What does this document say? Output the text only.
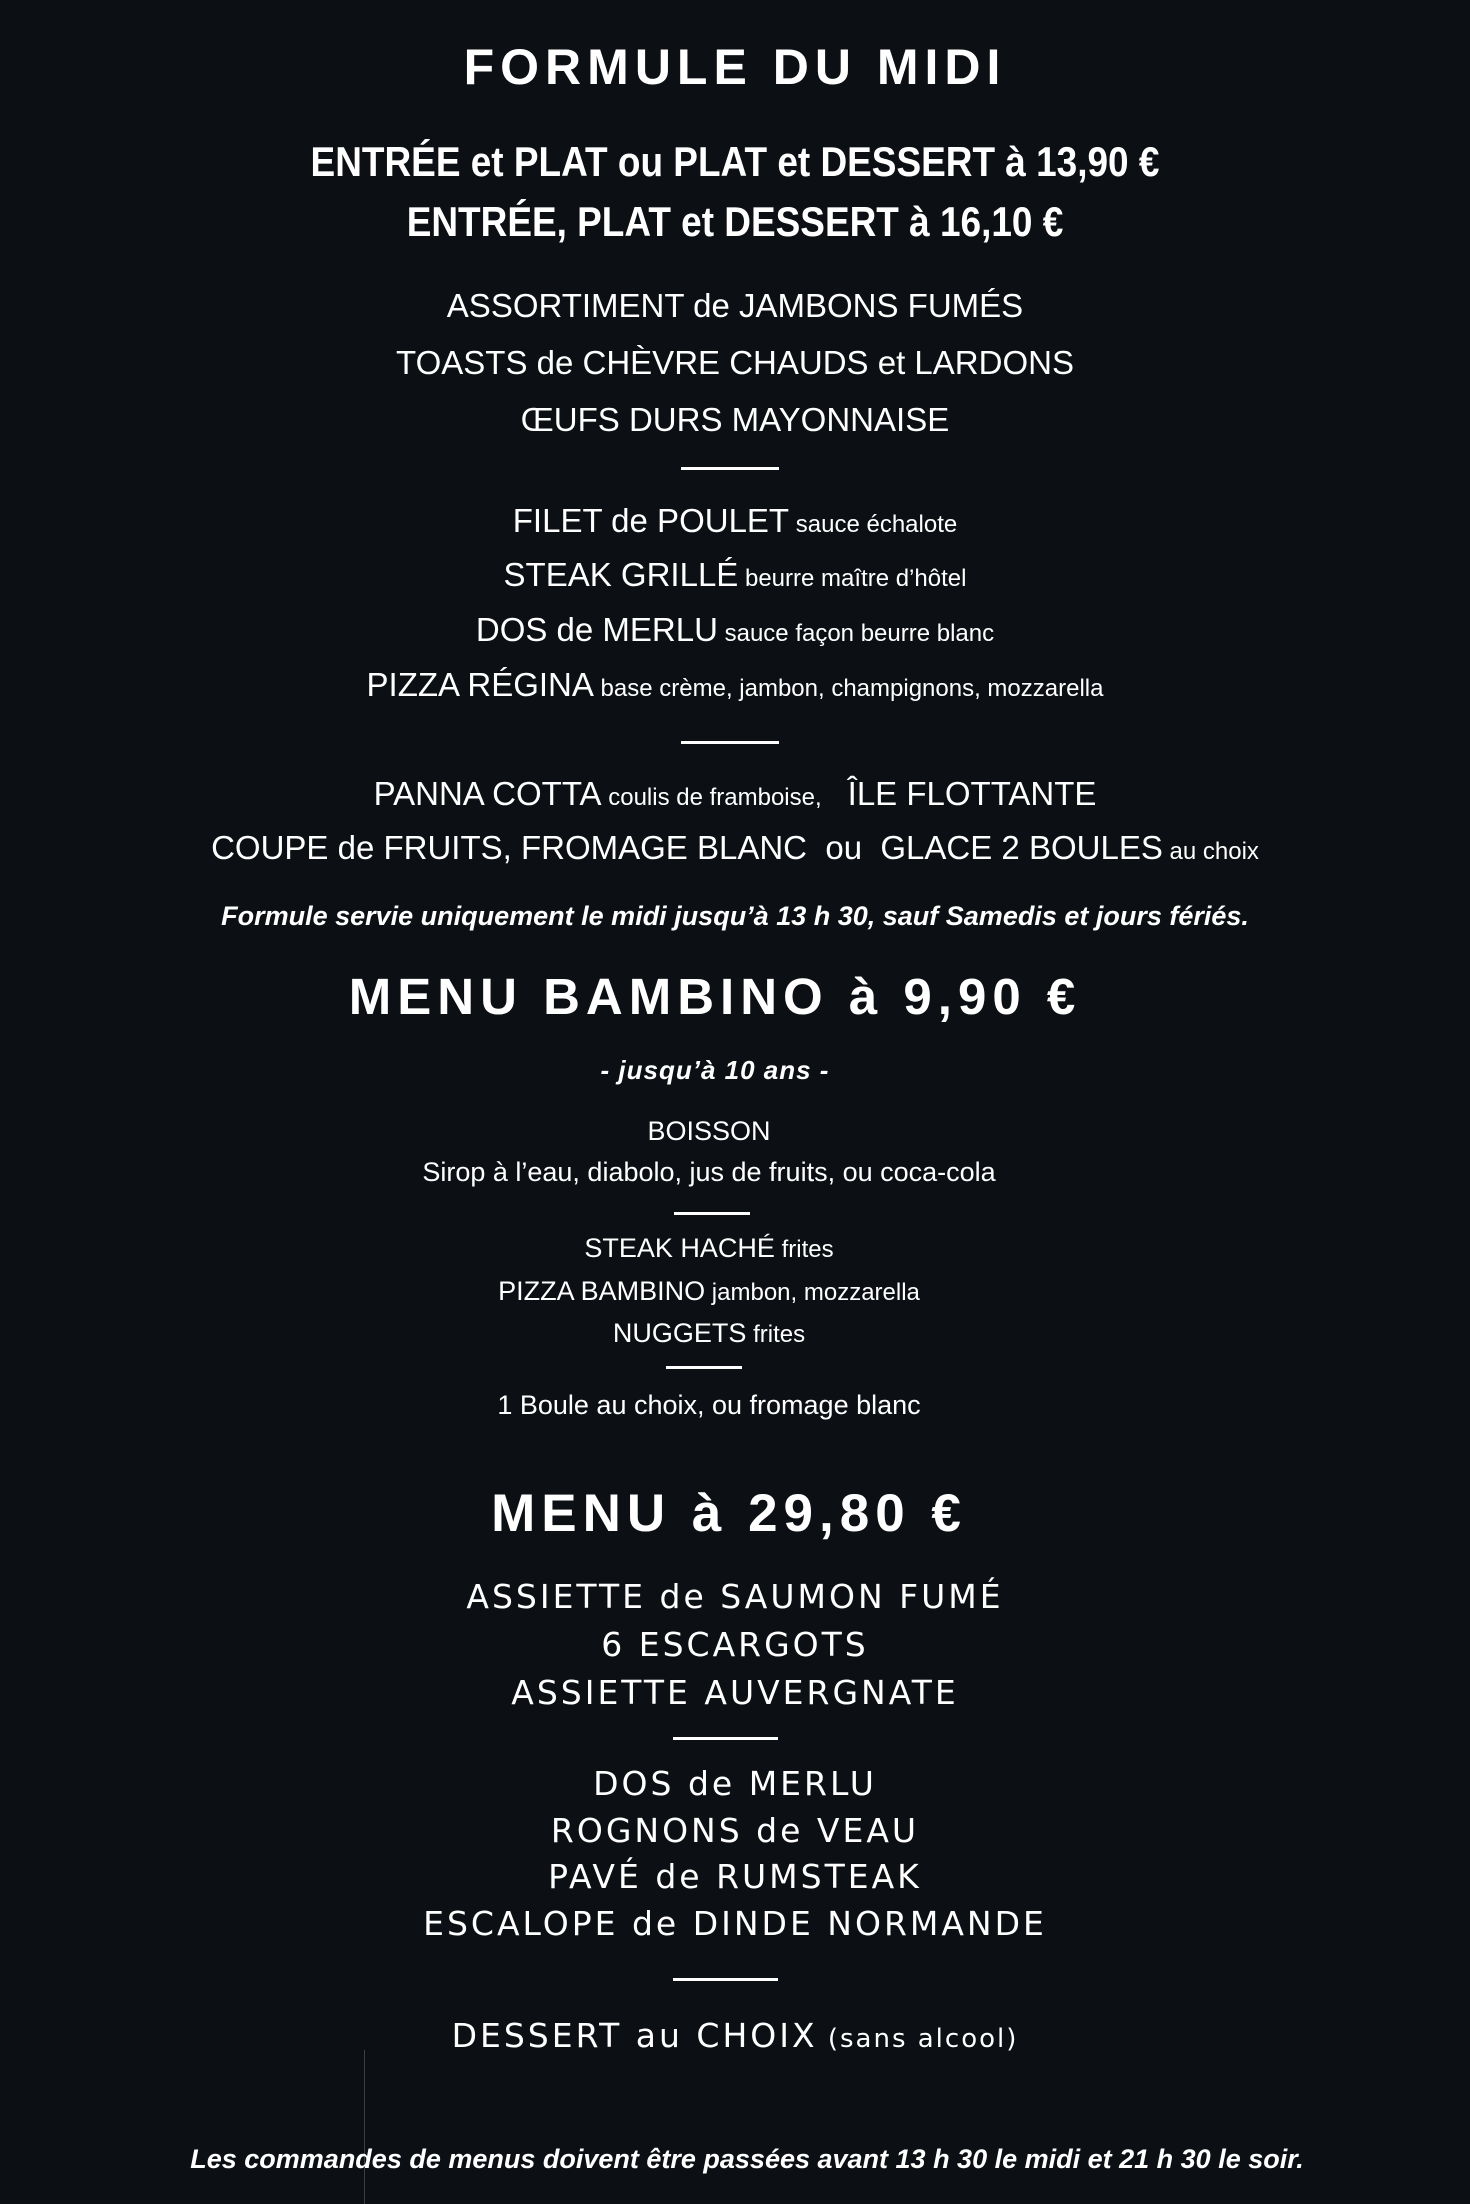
FORMULE DU MIDI
ENTRÉE et PLAT ou PLAT et DESSERT à 13,90 €
ENTRÉE, PLAT et DESSERT à 16,10 €
ASSORTIMENT de JAMBONS FUMÉS
TOASTS de CHÈVRE CHAUDS et LARDONS
ŒUFS DURS MAYONNAISE
FILET de POULET sauce échalote
STEAK GRILLÉ beurre maître d’hôtel
DOS de MERLU sauce façon beurre blanc
PIZZA RÉGINA base crème, jambon, champignons, mozzarella
PANNA COTTA coulis de framboise, ÎLE FLOTTANTE
COUPE de FRUITS, FROMAGE BLANC  ou  GLACE 2 BOULES au choix
Formule servie uniquement le midi jusqu’à 13 h 30, sauf Samedis et jours fériés.
MENU BAMBINO à 9,90 €
- jusqu’à 10 ans -
BOISSON
Sirop à l’eau, diabolo, jus de fruits, ou coca-cola
STEAK HACHÉ frites
PIZZA BAMBINO jambon, mozzarella
NUGGETS frites
1 Boule au choix, ou fromage blanc
MENU à 29,80 €
ASSIETTE de SAUMON FUMÉ
6 ESCARGOTS
ASSIETTE AUVERGNATE
DOS de MERLU
ROGNONS de VEAU
PAVÉ de RUMSTEAK
ESCALOPE de DINDE NORMANDE
DESSERT au CHOIX (sans alcool)
Les commandes de menus doivent être passées avant 13 h 30 le midi et 21 h 30 le soir.
